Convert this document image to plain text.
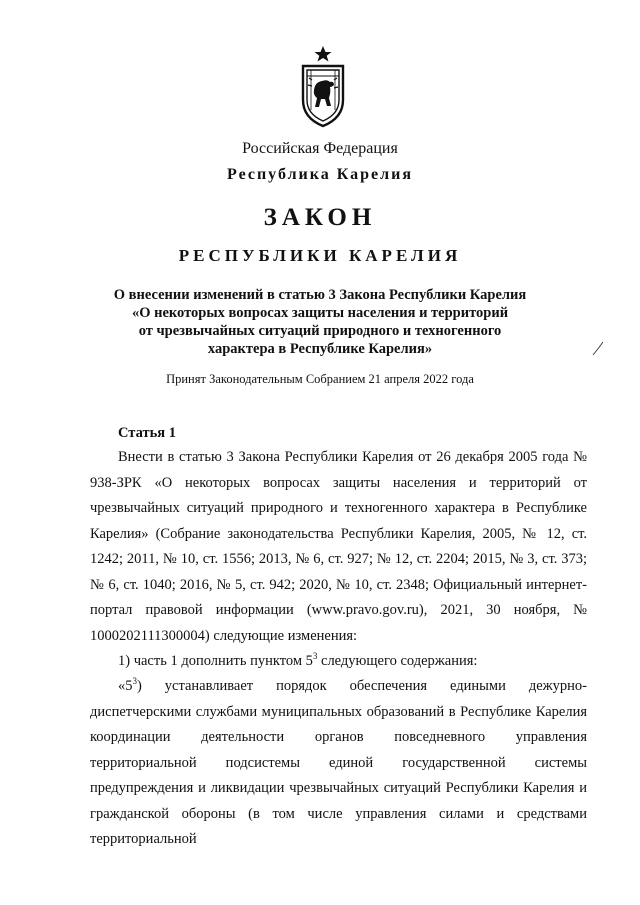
Российская Федерация
Республика Карелия
ЗАКОН
РЕСПУБЛИКИ КАРЕЛИЯ
О внесении изменений в статью 3 Закона Республики Карелия
«О некоторых вопросах защиты населения и территорий
от чрезвычайных ситуаций природного и техногенного
характера в Республике Карелия»
Принят Законодательным Собранием 21 апреля 2022 года
Статья 1
Внести в статью 3 Закона Республики Карелия от 26 декабря 2005 года № 938-ЗРК «О некоторых вопросах защиты населения и территорий от чрезвычайных ситуаций природного и техногенного характера в Республике Карелия» (Собрание законодательства Республики Карелия, 2005, № 12, ст. 1242; 2011, № 10, ст. 1556; 2013, № 6, ст. 927; № 12, ст. 2204; 2015, № 3, ст. 373; № 6, ст. 1040; 2016, № 5, ст. 942; 2020, № 10, ст. 2348; Официальный интернет-портал правовой информации (www.pravo.gov.ru), 2021, 30 ноября, № 1000202111300004) следующие изменения:
1) часть 1 дополнить пунктом $5^3$ следующего содержания:
«$5^3$) устанавливает порядок обеспечения едиными дежурно-диспетчерскими службами муниципальных образований в Республике Карелия координации деятельности органов повседневного управления территориальной подсистемы единой государственной системы предупреждения и ликвидации чрезвычайных ситуаций Республики Карелия и гражданской обороны (в том числе управления силами и средствами территориальной
